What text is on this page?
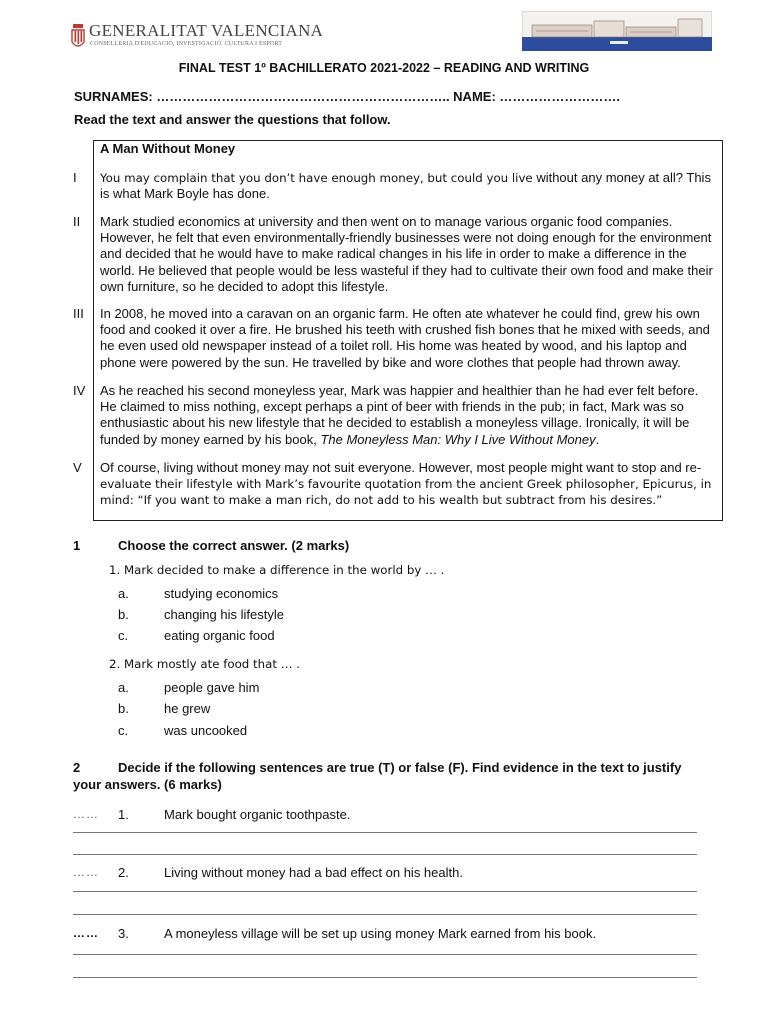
GENERALITAT VALENCIANA
CONSELLERIA D'EDUCACIÓ, INVESTIGACIÓ, CULTURA I ESPORT
FINAL TEST 1º BACHILLERATO 2021-2022 – READING AND WRITING
SURNAMES: ………………………………………………………….. NAME: ……………………….
Read the text and answer the questions that follow.
A Man Without Money
I You may complain that you don’t have enough money, but could you live without any money at all? This is what Mark Boyle has done.

II Mark studied economics at university and then went on to manage various organic food companies. However, he felt that even environmentally-friendly businesses were not doing enough for the environment and decided that he would have to make radical changes in his life in order to make a difference in the world. He believed that people would be less wasteful if they had to cultivate their own food and make their own furniture, so he decided to adopt this lifestyle.

III In 2008, he moved into a caravan on an organic farm. He often ate whatever he could find, grew his own food and cooked it over a fire. He brushed his teeth with crushed fish bones that he mixed with seeds, and he even used old newspaper instead of a toilet roll. His home was heated by wood, and his laptop and phone were powered by the sun. He travelled by bike and wore clothes that people had thrown away.

IV As he reached his second moneyless year, Mark was happier and healthier than he had ever felt before. He claimed to miss nothing, except perhaps a pint of beer with friends in the pub; in fact, Mark was so enthusiastic about his new lifestyle that he decided to establish a moneyless village. Ironically, it will be funded by money earned by his book, The Moneyless Man: Why I Live Without Money.

V Of course, living without money may not suit everyone. However, most people might want to stop and re-
evaluate their lifestyle with Mark’s favourite quotation from the ancient Greek philosopher, Epicurus, in mind: “If you want to make a man rich, do not add to his wealth but subtract from his desires.”

1	Choose the correct answer. (2 marks)
1. Mark decided to make a difference in the world by … .
a.	studying economics
b.	changing his lifestyle
c.	eating organic food
2. Mark mostly ate food that … .
a.	people gave him
b.	he grew
c.	was uncooked
2	Decide if the following sentences are true (T) or false (F). Find evidence in the text to justify
your answers. (6 marks)
…… 1.	Mark bought organic toothpaste.
…… 2.	Living without money had a bad effect on his health.
…… 3.	A moneyless village will be set up using money Mark earned from his book.
